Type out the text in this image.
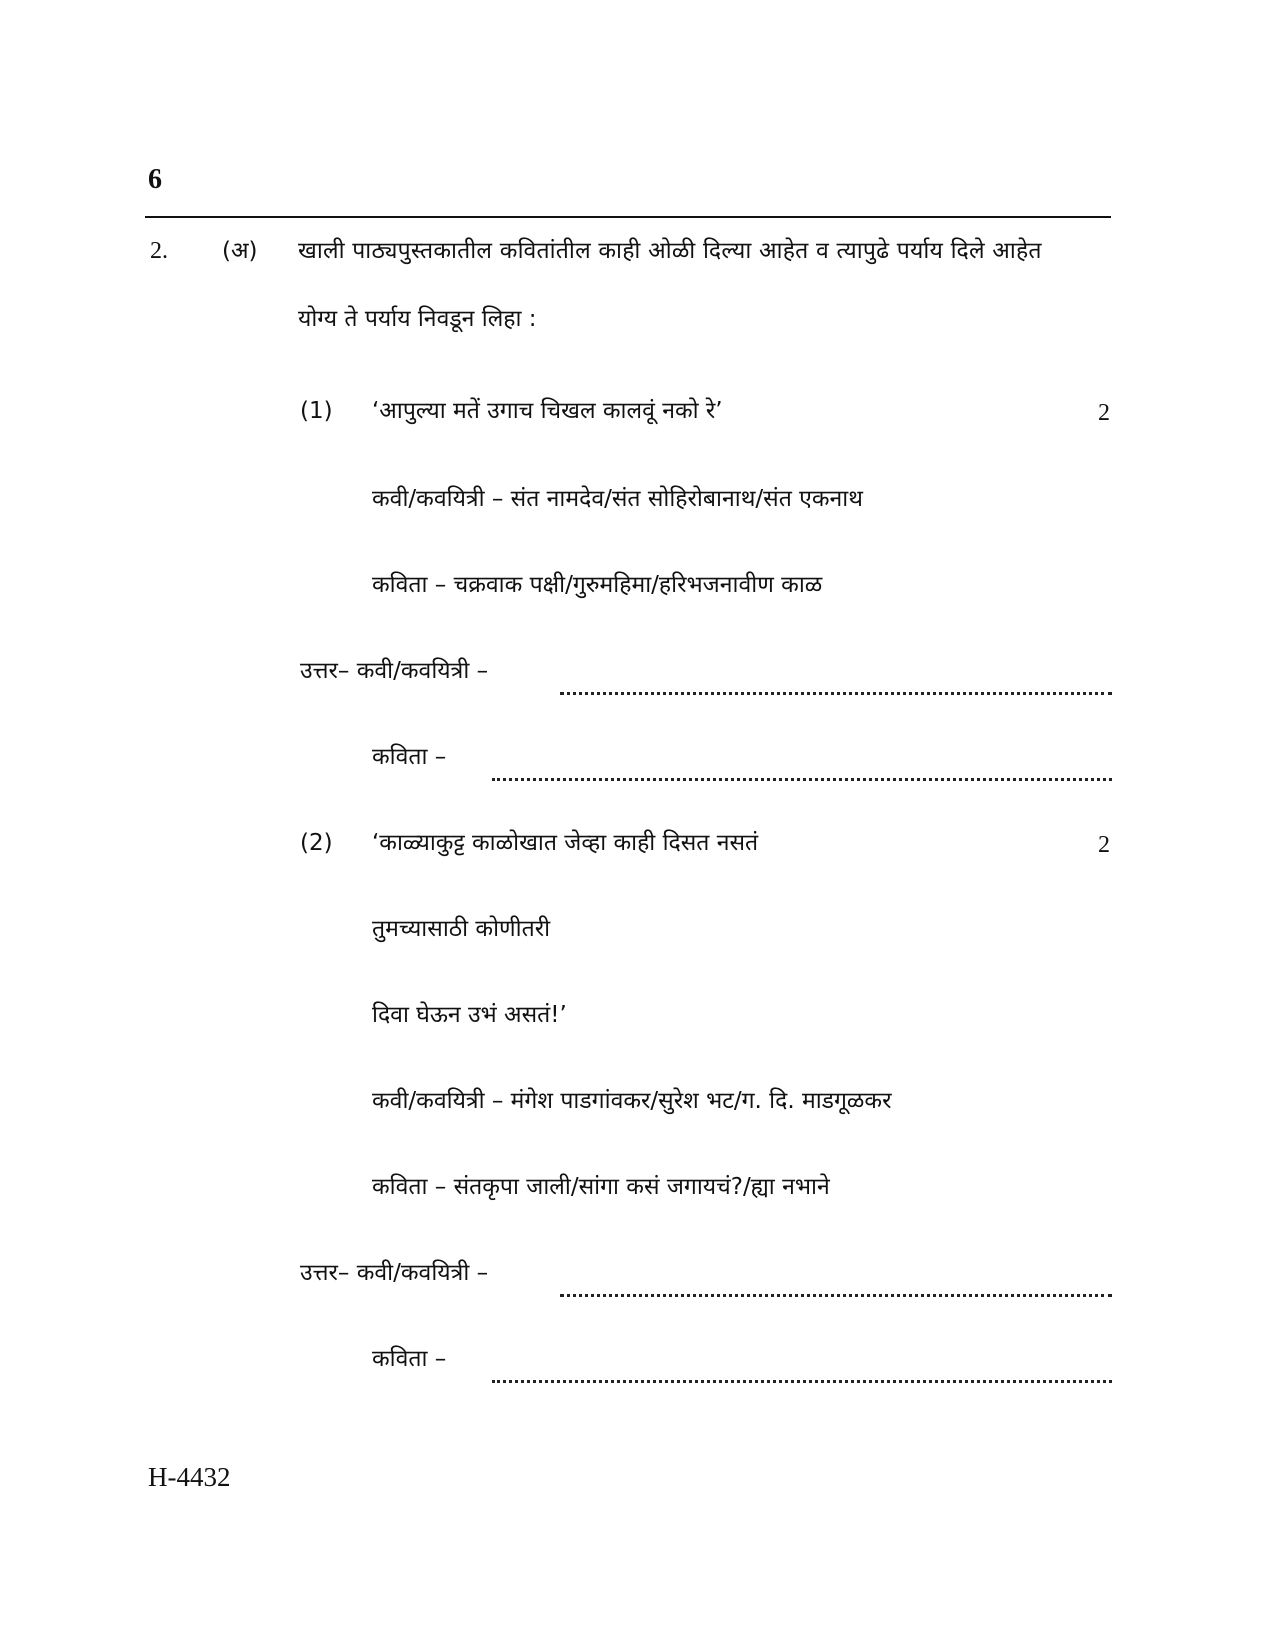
6
2. (अ) खाली पाठ्यपुस्तकातील कवितांतील काही ओळी दिल्या आहेत व त्यापुढे पर्याय दिले आहेत
योग्य ते पर्याय निवडून लिहा :
(1) ‘आपुल्या मतें उगाच चिखल कालवूं नको रे’	2
कवी/कवयित्री – संत नामदेव/संत सोहिरोबानाथ/संत एकनाथ
कविता – चक्रवाक पक्षी/गुरुमहिमा/हरिभजनावीण काळ
उत्तर– कवी/कवयित्री –
कविता –
(2) ‘काळ्याकुट्ट काळोखात जेव्हा काही दिसत नसतं	2
तुमच्यासाठी कोणीतरी
दिवा घेऊन उभं असतं!’
कवी/कवयित्री – मंगेश पाडगांवकर/सुरेश भट/ग. दि. माडगूळकर
कविता – संतकृपा जाली/सांगा कसं जगायचं?/ह्या नभाने
उत्तर– कवी/कवयित्री –
कविता –
H-4432
